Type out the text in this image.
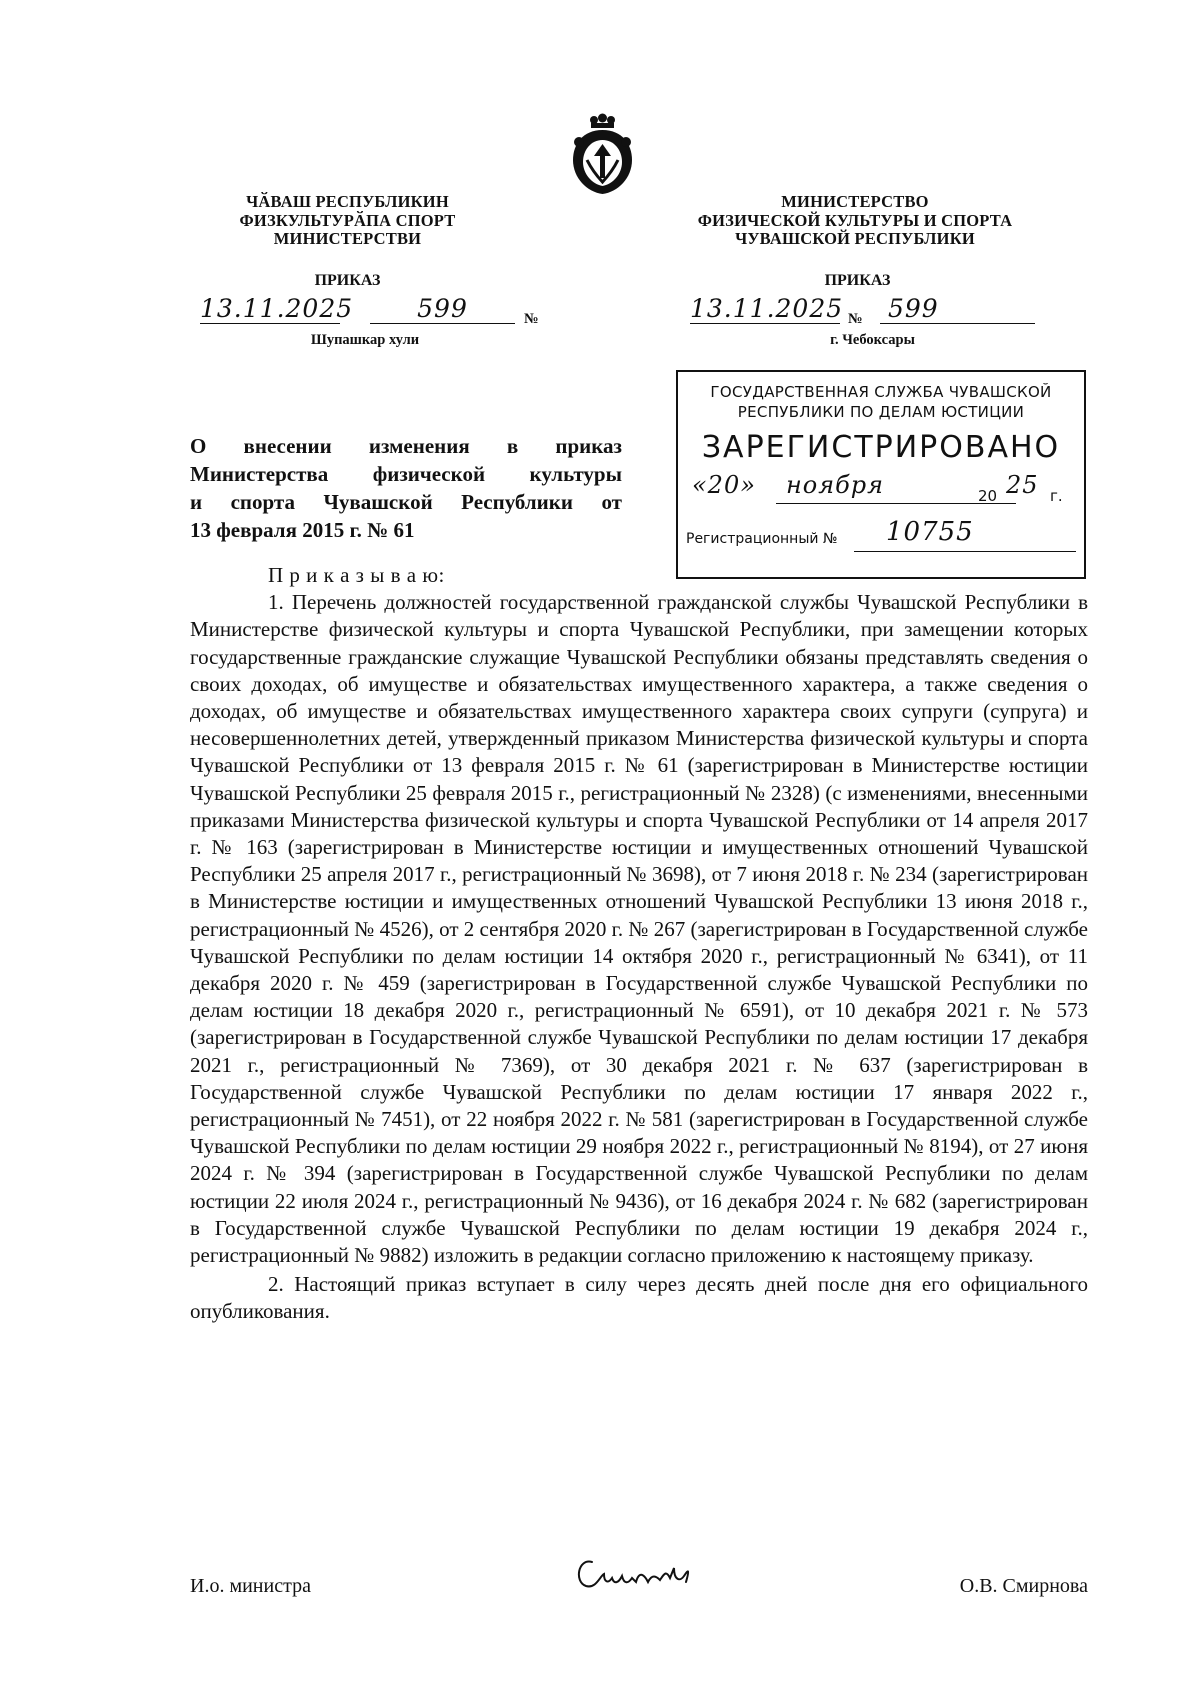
ЧӐВАШ РЕСПУБЛИКИН
ФИЗКУЛЬТУРӐПА СПОРТ
МИНИСТЕРСТВИ
ПРИКАЗ
13.11.2025	599	№
Шупашкар хули
МИНИСТЕРСТВО
ФИЗИЧЕСКОЙ КУЛЬТУРЫ И СПОРТА
ЧУВАШСКОЙ РЕСПУБЛИКИ
ПРИКАЗ
13.11.2025 №	599
г. Чебоксары
ГОСУДАРСТВЕННАЯ СЛУЖБА ЧУВАШСКОЙ
РЕСПУБЛИКИ ПО ДЕЛАМ ЮСТИЦИИ
ЗАРЕГИСТРИРОВАНО
«20» ноября	20 25 г.
Регистрационный № 10755
О внесении изменения в приказ
Министерства физической культуры
и спорта Чувашской Республики от
13 февраля 2015 г. № 61

П р и к а з ы в а ю:

1. Перечень должностей государственной гражданской службы Чувашской Республики в Министерстве физической культуры и спорта Чувашской Республики, при замещении которых государственные гражданские служащие Чувашской Республики обязаны представлять сведения о своих доходах, об имуществе и обязательствах имущественного характера, а также сведения о доходах, об имуществе и обязательствах имущественного характера своих супруги (супруга) и несовершеннолетних детей, утвержденный приказом Министерства физической культуры и спорта Чувашской Республики от 13 февраля 2015 г. № 61 (зарегистрирован в Министерстве юстиции Чувашской Республики 25 февраля 2015 г., регистрационный № 2328) (с изменениями, внесенными приказами Министерства физической культуры и спорта Чувашской Республики от 14 апреля 2017 г. № 163 (зарегистрирован в Министерстве юстиции и имущественных отношений Чувашской Республики 25 апреля 2017 г., регистрационный № 3698), от 7 июня 2018 г. № 234 (зарегистрирован в Министерстве юстиции и имущественных отношений Чувашской Республики 13 июня 2018 г., регистрационный № 4526), от 2 сентября 2020 г. № 267 (зарегистрирован в Государственной службе Чувашской Республики по делам юстиции 14 октября 2020 г., регистрационный № 6341), от 11 декабря 2020 г. № 459 (зарегистрирован в Государственной службе Чувашской Республики по делам юстиции 18 декабря 2020 г., регистрационный № 6591), от 10 декабря 2021 г. № 573 (зарегистрирован в Государственной службе Чувашской Республики по делам юстиции 17 декабря 2021 г., регистрационный № 7369), от 30 декабря 2021 г. № 637 (зарегистрирован в Государственной службе Чувашской Республики по делам юстиции 17 января 2022 г., регистрационный № 7451), от 22 ноября 2022 г. № 581 (зарегистрирован в Государственной службе Чувашской Республики по делам юстиции 29 ноября 2022 г., регистрационный № 8194), от 27 июня 2024 г. № 394 (зарегистрирован в Государственной службе Чувашской Республики по делам юстиции 22 июля 2024 г., регистрационный № 9436), от 16 декабря 2024 г. № 682 (зарегистрирован в Государственной службе Чувашской Республики по делам юстиции 19 декабря 2024 г., регистрационный № 9882) изложить в редакции согласно приложению к настоящему приказу.

2. Настоящий приказ вступает в силу через десять дней после дня его официального опубликования.

И.о. министра	О.В. Смирнова
